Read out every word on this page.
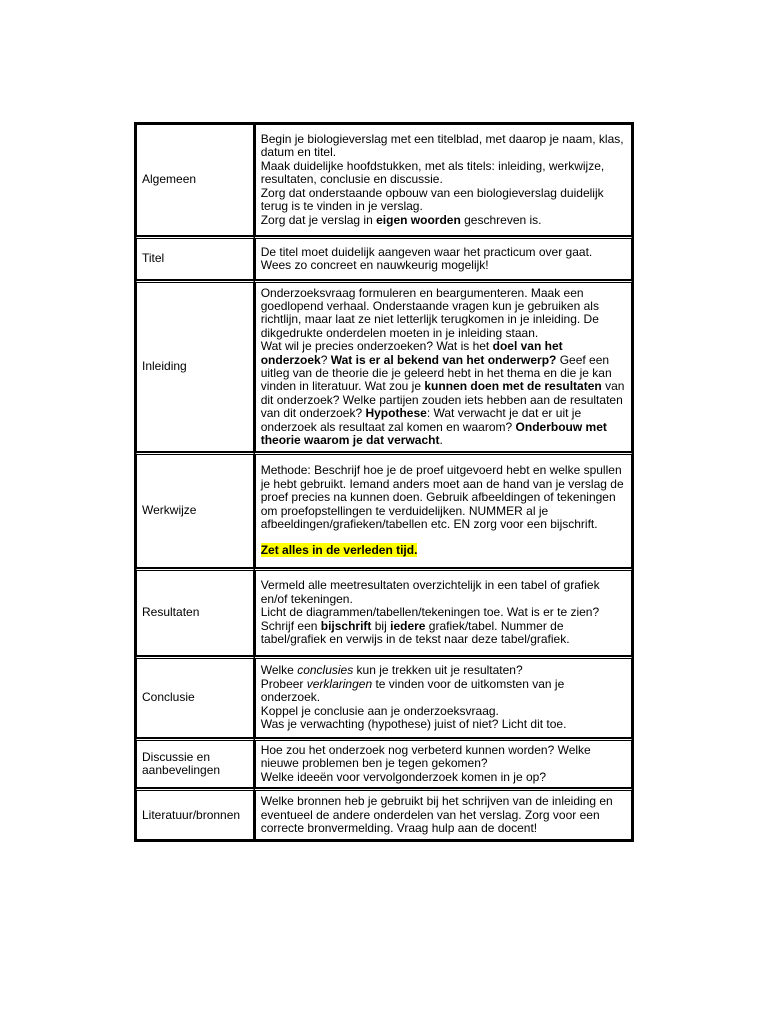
Algemeen	Begin je biologieverslag met een titelblad, met daarop je naam, klas, datum en titel.
Maak duidelijke hoofdstukken, met als titels: inleiding, werkwijze, resultaten, conclusie en discussie.
Zorg dat onderstaande opbouw van een biologieverslag duidelijk terug is te vinden in je verslag.
Zorg dat je verslag in eigen woorden geschreven is.

Titel	De titel moet duidelijk aangeven waar het practicum over gaat. Wees zo concreet en nauwkeurig mogelijk!

Inleiding	Onderzoeksvraag formuleren en beargumenteren. Maak een goedlopend verhaal. Onderstaande vragen kun je gebruiken als richtlijn, maar laat ze niet letterlijk terugkomen in je inleiding. De dikgedrukte onderdelen moeten in je inleiding staan.
Wat wil je precies onderzoeken? Wat is het doel van het onderzoek? Wat is er al bekend van het onderwerp? Geef een uitleg van de theorie die je geleerd hebt in het thema en die je kan vinden in literatuur. Wat zou je kunnen doen met de resultaten van dit onderzoek? Welke partijen zouden iets hebben aan de resultaten van dit onderzoek? Hypothese: Wat verwacht je dat er uit je onderzoek als resultaat zal komen en waarom? Onderbouw met theorie waarom je dat verwacht.

Werkwijze	Methode: Beschrijf hoe je de proef uitgevoerd hebt en welke spullen je hebt gebruikt. Iemand anders moet aan de hand van je verslag de proef precies na kunnen doen. Gebruik afbeeldingen of tekeningen om proefopstellingen te verduidelijken. NUMMER al je afbeeldingen/grafieken/tabellen etc. EN zorg voor een bijschrift.
Zet alles in de verleden tijd.

Resultaten	Vermeld alle meetresultaten overzichtelijk in een tabel of grafiek en/of tekeningen.
Licht de diagrammen/tabellen/tekeningen toe. Wat is er te zien? Schrijf een bijschrift bij iedere grafiek/tabel. Nummer de tabel/grafiek en verwijs in de tekst naar deze tabel/grafiek.

Conclusie	Welke conclusies kun je trekken uit je resultaten?
Probeer verklaringen te vinden voor de uitkomsten van je onderzoek.
Koppel je conclusie aan je onderzoeksvraag.
Was je verwachting (hypothese) juist of niet? Licht dit toe.

Discussie en aanbevelingen	Hoe zou het onderzoek nog verbeterd kunnen worden? Welke nieuwe problemen ben je tegen gekomen?
Welke ideeën voor vervolgonderzoek komen in je op?

Literatuur/bronnen	Welke bronnen heb je gebruikt bij het schrijven van de inleiding en eventueel de andere onderdelen van het verslag. Zorg voor een correcte bronvermelding. Vraag hulp aan de docent!
